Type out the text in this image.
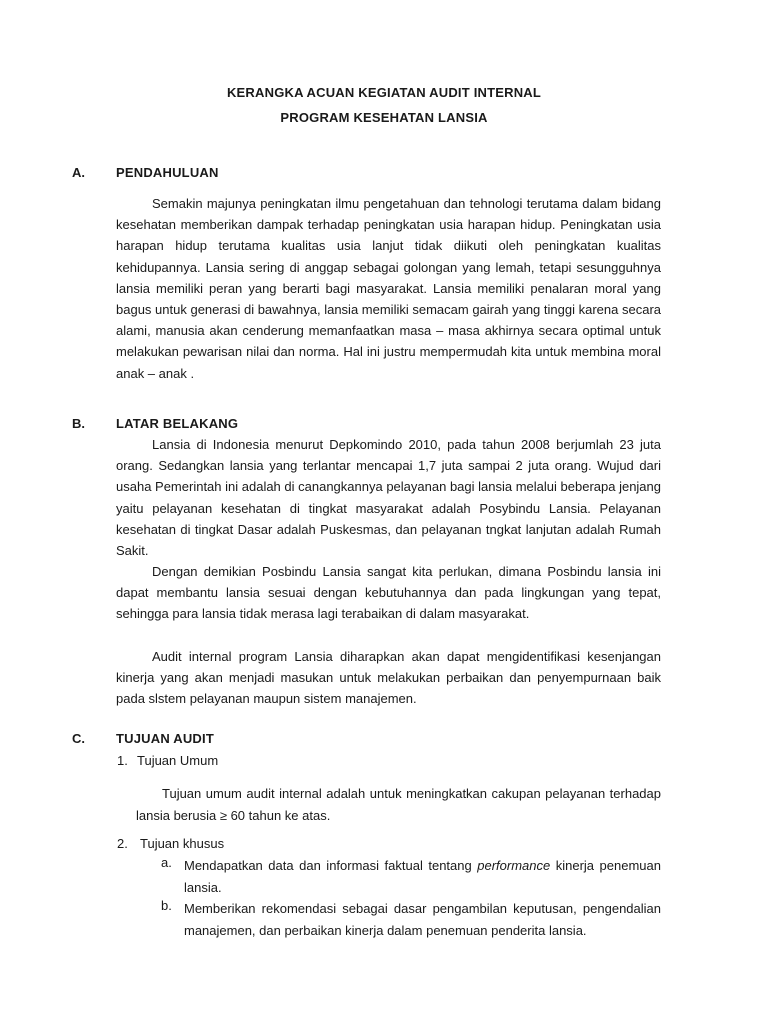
KERANGKA ACUAN KEGIATAN AUDIT INTERNAL
PROGRAM KESEHATAN LANSIA
A. PENDAHULUAN
Semakin majunya peningkatan ilmu pengetahuan dan tehnologi terutama dalam bidang kesehatan memberikan dampak terhadap peningkatan usia harapan hidup. Peningkatan usia harapan hidup terutama kualitas usia lanjut tidak diikuti oleh peningkatan kualitas kehidupannya. Lansia sering di anggap sebagai golongan yang lemah, tetapi sesungguhnya lansia memiliki peran yang berarti bagi masyarakat. Lansia memiliki penalaran moral yang bagus untuk generasi di bawahnya, lansia memiliki semacam gairah yang tinggi karena secara alami, manusia akan cenderung memanfaatkan masa – masa akhirnya secara optimal untuk melakukan pewarisan nilai dan norma. Hal ini justru mempermudah kita untuk membina moral anak – anak .
B. LATAR BELAKANG
Lansia di Indonesia menurut Depkomindo 2010, pada tahun 2008 berjumlah 23 juta orang. Sedangkan lansia yang terlantar mencapai 1,7 juta sampai 2 juta orang. Wujud dari usaha Pemerintah ini adalah di canangkannya pelayanan bagi lansia melalui beberapa jenjang yaitu pelayanan kesehatan di tingkat masyarakat adalah Posybindu Lansia. Pelayanan kesehatan di tingkat Dasar adalah Puskesmas, dan pelayanan tngkat lanjutan adalah Rumah Sakit.
Dengan demikian Posbindu Lansia sangat kita perlukan, dimana Posbindu lansia ini dapat membantu lansia sesuai dengan kebutuhannya dan pada lingkungan yang tepat, sehingga para lansia tidak merasa lagi terabaikan di dalam masyarakat.
Audit internal program Lansia diharapkan akan dapat mengidentifikasi kesenjangan kinerja yang akan menjadi masukan untuk melakukan perbaikan dan penyempurnaan baik pada slstem pelayanan maupun sistem manajemen.
C. TUJUAN AUDIT
1. Tujuan Umum
Tujuan umum audit internal adalah untuk meningkatkan cakupan pelayanan terhadap lansia berusia ≥ 60 tahun ke atas.
2. Tujuan khusus
a. Mendapatkan data dan informasi faktual tentang performance kinerja penemuan lansia.
b. Memberikan rekomendasi sebagai dasar pengambilan keputusan, pengendalian manajemen, dan perbaikan kinerja dalam penemuan penderita lansia.
